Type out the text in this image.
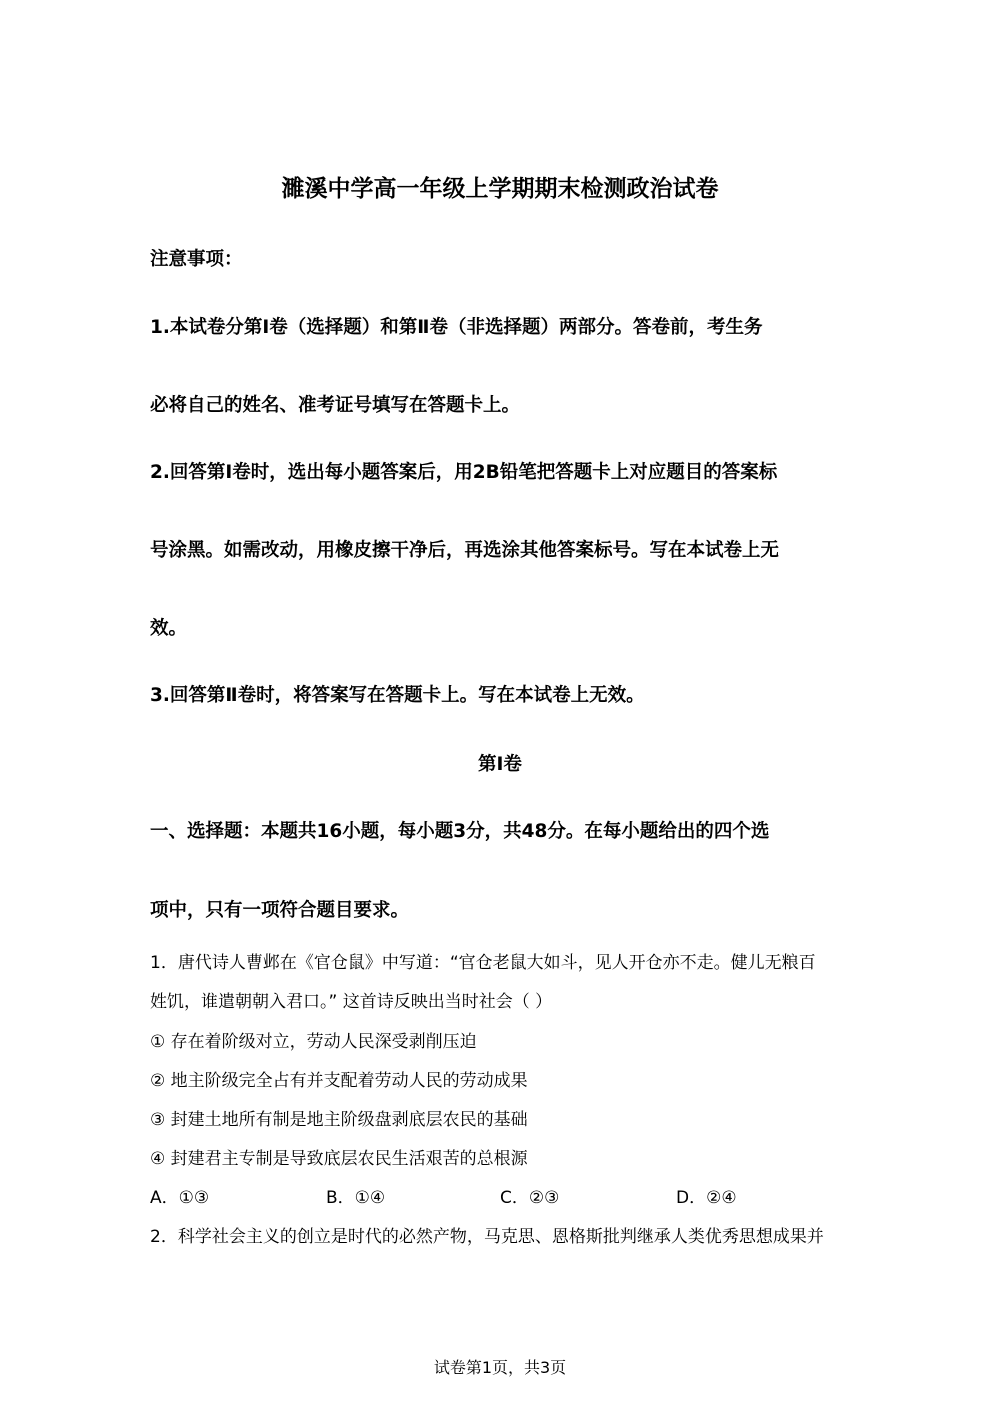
濉溪中学高一年级上学期期末检测政治试卷
注意事项：
1.本试卷分第Ⅰ卷（选择题）和第Ⅱ卷（非选择题）两部分。答卷前，考生务
必将自己的姓名、准考证号填写在答题卡上。
2.回答第Ⅰ卷时，选出每小题答案后，用2B铅笔把答题卡上对应题目的答案标
号涂黑。如需改动，用橡皮擦干净后，再选涂其他答案标号。写在本试卷上无
效。
3.回答第Ⅱ卷时，将答案写在答题卡上。写在本试卷上无效。
第Ⅰ卷
一、选择题：本题共16小题，每小题3分，共48分。在每小题给出的四个选
项中，只有一项符合题目要求。
1．唐代诗人曹邺在《官仓鼠》中写道：“官仓老鼠大如斗，见人开仓亦不走。健儿无粮百
姓饥，谁遣朝朝入君口。” 这首诗反映出当时社会（ ）
① 存在着阶级对立，劳动人民深受剥削压迫
② 地主阶级完全占有并支配着劳动人民的劳动成果
③ 封建土地所有制是地主阶级盘剥底层农民的基础
④ 封建君主专制是导致底层农民生活艰苦的总根源
A．①③	B．①④	C．②③	D．②④
2．科学社会主义的创立是时代的必然产物，马克思、恩格斯批判继承人类优秀思想成果并
试卷第1页，共3页
